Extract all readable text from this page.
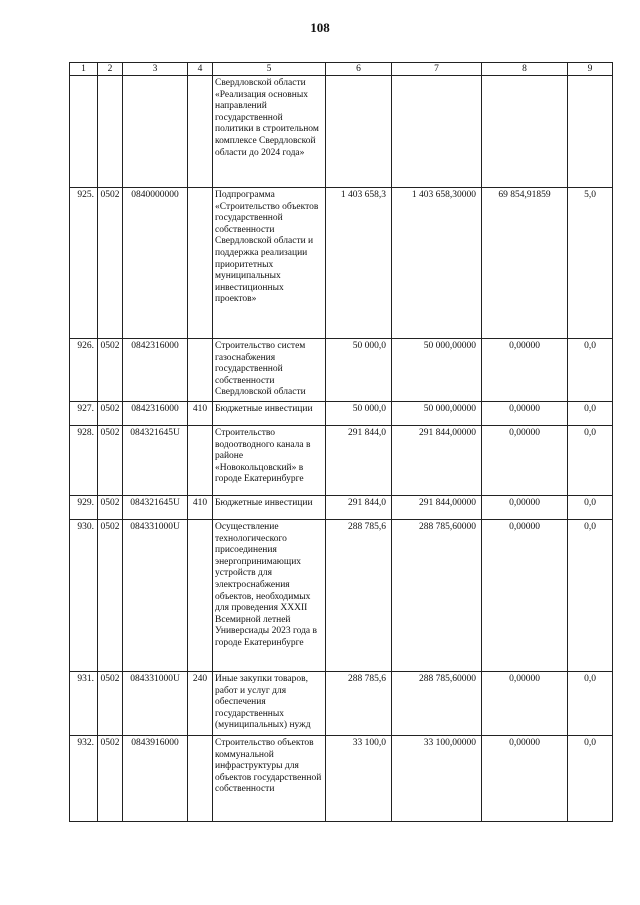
108
1	2	3	4	5	6	7	8	9
				Свердловской области «Реализация основных направлений государственной политики в строительном комплексе Свердловской области до 2024 года»				
925.	0502	0840000000		Подпрограмма «Строительство объектов государственной собственности Свердловской области и поддержка реализации приоритетных муниципальных инвестиционных проектов»	1 403 658,3	1 403 658,30000	69 854,91859	5,0
926.	0502	0842316000		Строительство систем газоснабжения государственной собственности Свердловской области	50 000,0	50 000,00000	0,00000	0,0
927.	0502	0842316000	410	Бюджетные инвестиции	50 000,0	50 000,00000	0,00000	0,0
928.	0502	084321645U		Строительство водоотводного канала в районе «Новокольцовский» в городе Екатеринбурге	291 844,0	291 844,00000	0,00000	0,0
929.	0502	084321645U	410	Бюджетные инвестиции	291 844,0	291 844,00000	0,00000	0,0
930.	0502	084331000U		Осуществление технологического присоединения энергопринимающих устройств для электроснабжения объектов, необходимых для проведения XXXII Всемирной летней Универсиады 2023 года в городе Екатеринбурге	288 785,6	288 785,60000	0,00000	0,0
931.	0502	084331000U	240	Иные закупки товаров, работ и услуг для обеспечения государственных (муниципальных) нужд	288 785,6	288 785,60000	0,00000	0,0
932.	0502	0843916000		Строительство объектов коммунальной инфраструктуры для объектов государственной собственности	33 100,0	33 100,00000	0,00000	0,0
